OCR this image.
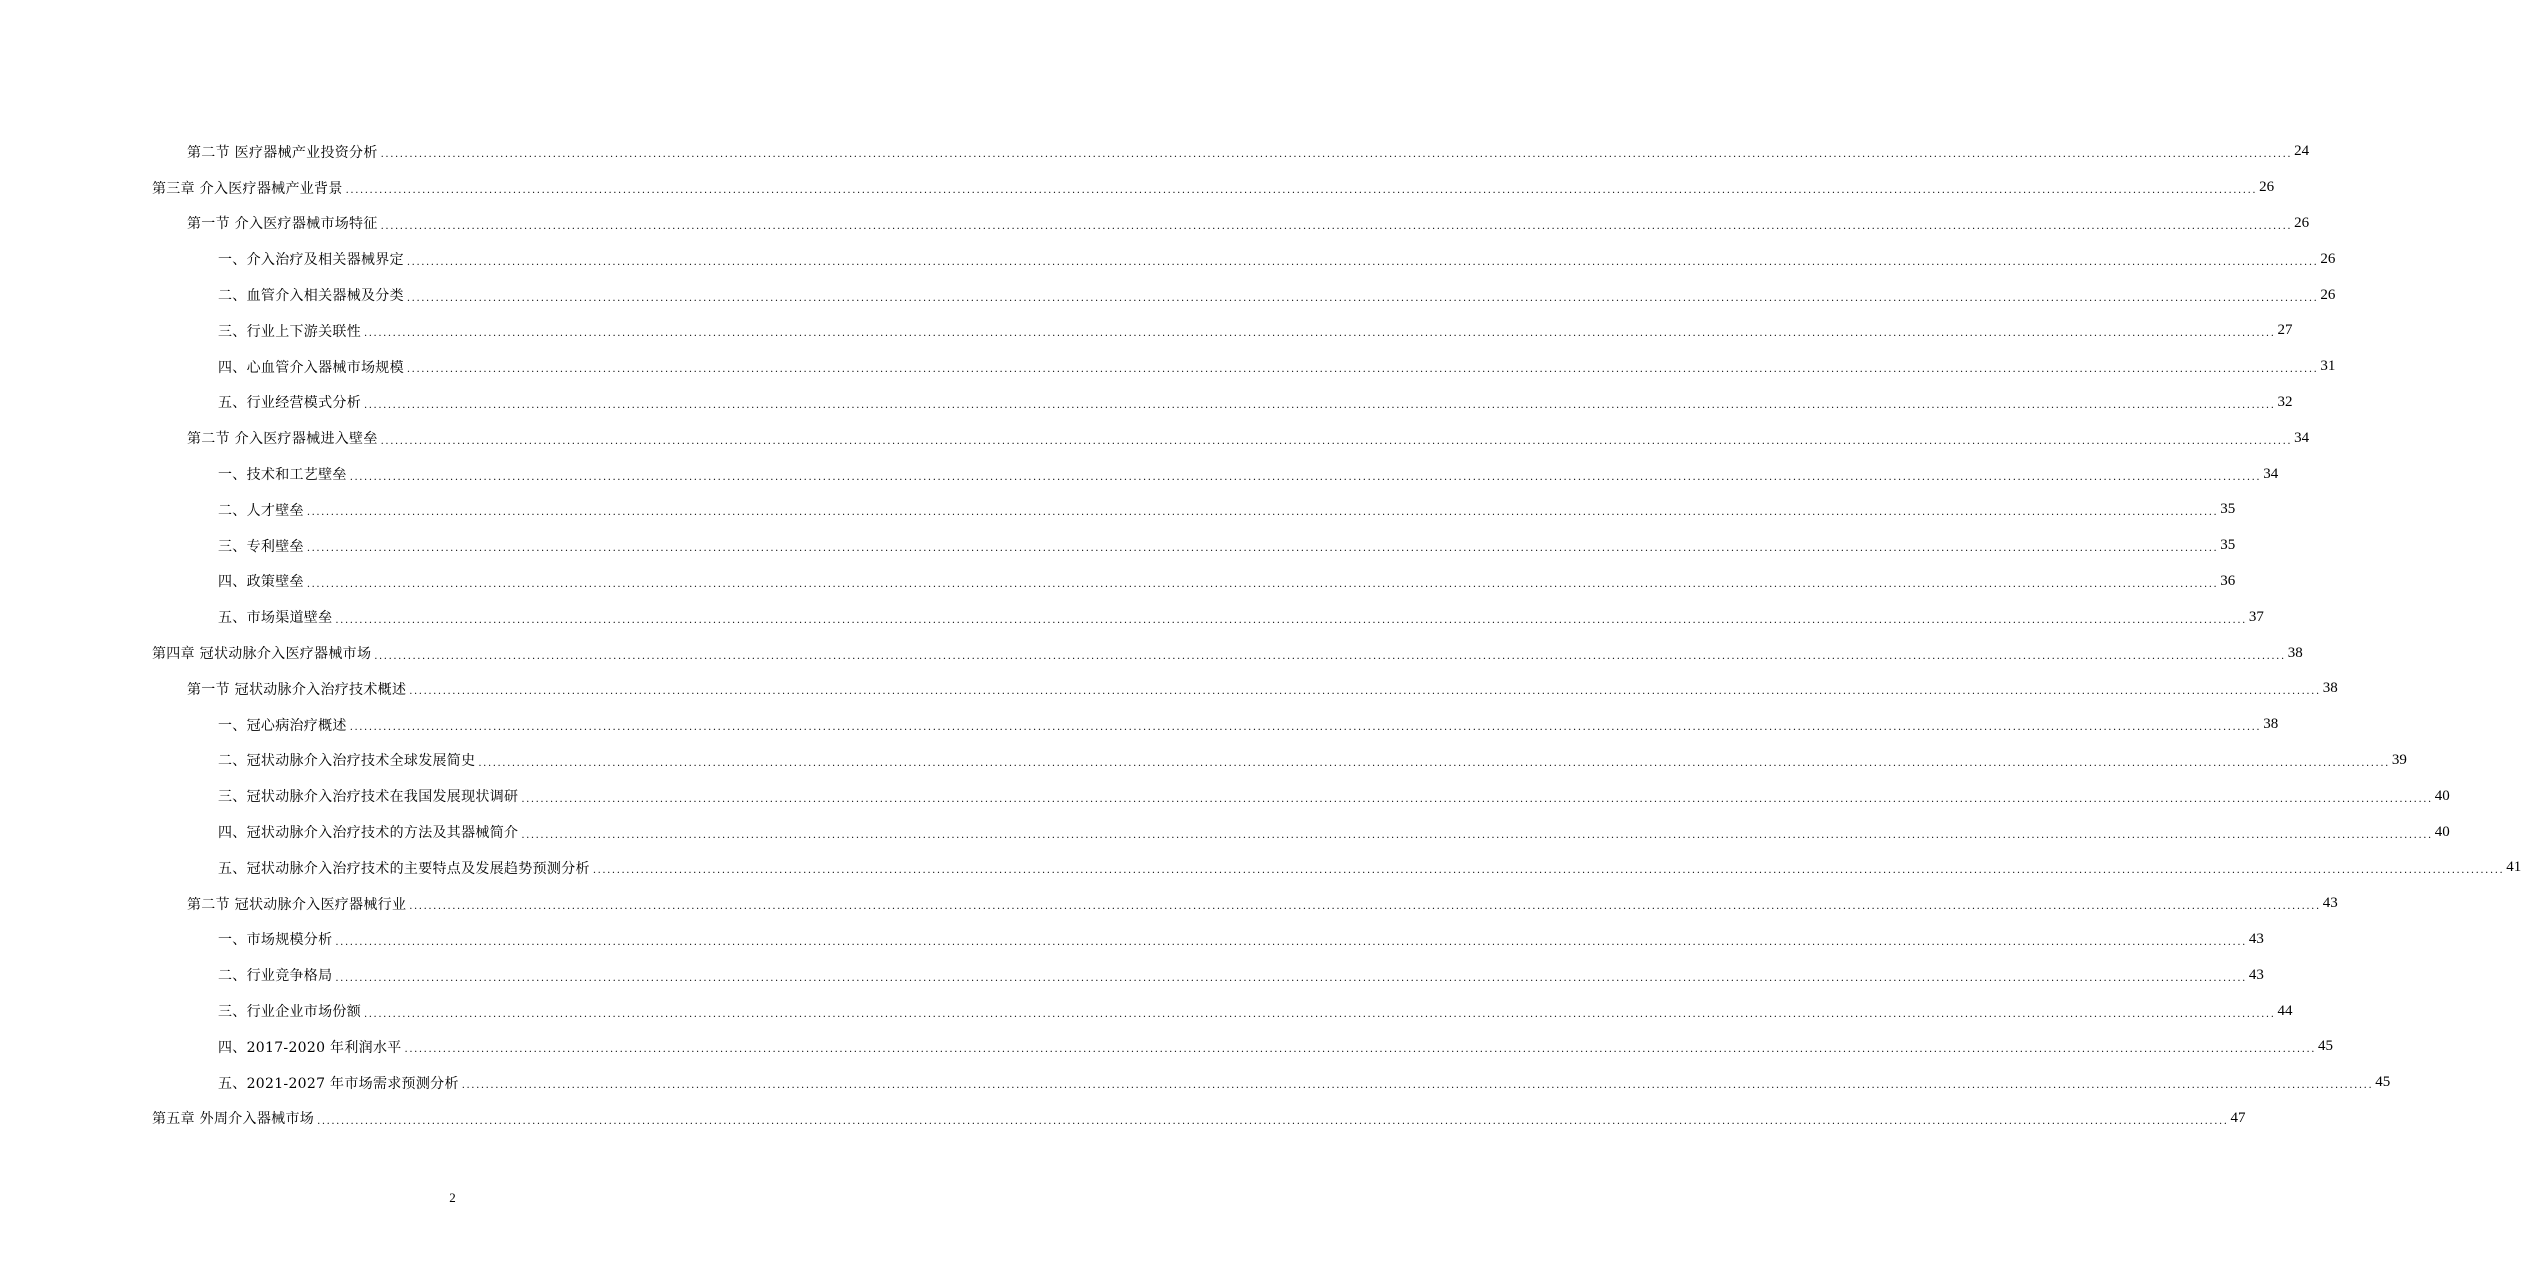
第二节 医疗器械产业投资分析 ................................................................................................................................................................................................................................................................................................................................................................................................................ 24
第三章 介入医疗器械产业背景 ................................................................................................................................................................................................................................................................................................................................................................................................................ 26
第一节 介入医疗器械市场特征 ................................................................................................................................................................................................................................................................................................................................................................................................................ 26
一、介入治疗及相关器械界定 ................................................................................................................................................................................................................................................................................................................................................................................................................ 26
二、血管介入相关器械及分类 ................................................................................................................................................................................................................................................................................................................................................................................................................ 26
三、行业上下游关联性 ................................................................................................................................................................................................................................................................................................................................................................................................................ 27
四、心血管介入器械市场规模 ................................................................................................................................................................................................................................................................................................................................................................................................................ 31
五、行业经营模式分析 ................................................................................................................................................................................................................................................................................................................................................................................................................ 32
第二节 介入医疗器械进入壁垒 ................................................................................................................................................................................................................................................................................................................................................................................................................ 34
一、技术和工艺壁垒 ................................................................................................................................................................................................................................................................................................................................................................................................................ 34
二、人才壁垒 ................................................................................................................................................................................................................................................................................................................................................................................................................ 35
三、专利壁垒 ................................................................................................................................................................................................................................................................................................................................................................................................................ 35
四、政策壁垒 ................................................................................................................................................................................................................................................................................................................................................................................................................ 36
五、市场渠道壁垒 ................................................................................................................................................................................................................................................................................................................................................................................................................ 37
第四章 冠状动脉介入医疗器械市场 ................................................................................................................................................................................................................................................................................................................................................................................................................ 38
第一节 冠状动脉介入治疗技术概述 ................................................................................................................................................................................................................................................................................................................................................................................................................ 38
一、冠心病治疗概述 ................................................................................................................................................................................................................................................................................................................................................................................................................ 38
二、冠状动脉介入治疗技术全球发展简史 ................................................................................................................................................................................................................................................................................................................................................................................................................ 39
三、冠状动脉介入治疗技术在我国发展现状调研 ................................................................................................................................................................................................................................................................................................................................................................................................................ 40
四、冠状动脉介入治疗技术的方法及其器械简介 ................................................................................................................................................................................................................................................................................................................................................................................................................ 40
五、冠状动脉介入治疗技术的主要特点及发展趋势预测分析 ................................................................................................................................................................................................................................................................................................................................................................................................................ 41
第二节 冠状动脉介入医疗器械行业 ................................................................................................................................................................................................................................................................................................................................................................................................................ 43
一、市场规模分析 ................................................................................................................................................................................................................................................................................................................................................................................................................ 43
二、行业竞争格局 ................................................................................................................................................................................................................................................................................................................................................................................................................ 43
三、行业企业市场份额 ................................................................................................................................................................................................................................................................................................................................................................................................................ 44
四、2017-2020 年利润水平 ................................................................................................................................................................................................................................................................................................................................................................................................................ 45
五、2021-2027 年市场需求预测分析 ................................................................................................................................................................................................................................................................................................................................................................................................................ 45
第五章 外周介入器械市场 ................................................................................................................................................................................................................................................................................................................................................................................................................ 47
2
